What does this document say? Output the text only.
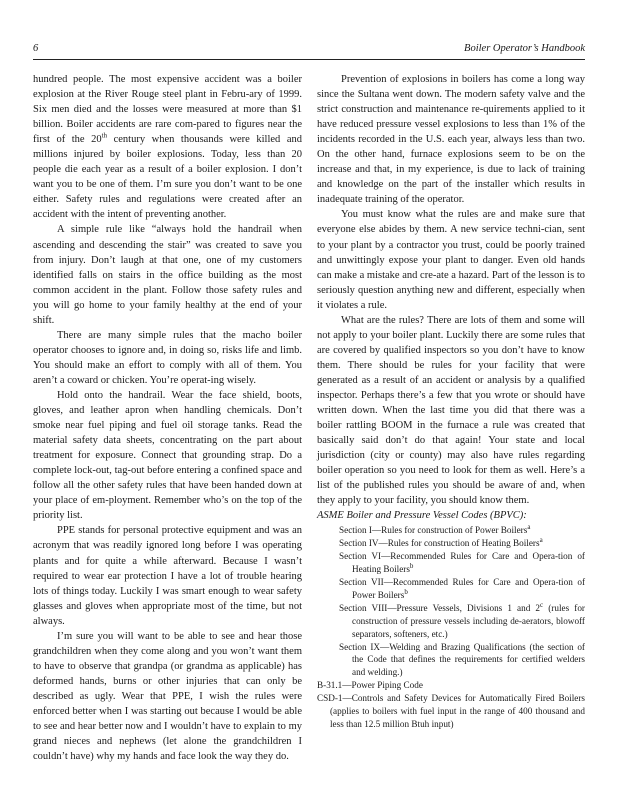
6	Boiler Operator’s Handbook

hundred people. The most expensive accident was a boiler explosion at the River Rouge steel plant in Febru-ary of 1999. Six men died and the losses were measured at more than $1 billion. Boiler accidents are rare com-pared to figures near the first of the 20th century when thousands were killed and millions injured by boiler explosions. Today, less than 20 people die each year as a result of a boiler explosion. I don’t want you to be one of them. I’m sure you don’t want to be one either. Safety rules and regulations were created after an accident with the intent of preventing another.

A simple rule like “always hold the handrail when ascending and descending the stair” was created to save you from injury. Don’t laugh at that one, one of my customers identified falls on stairs in the office building as the most common accident in the plant. Follow those safety rules and you will go home to your family healthy at the end of your shift.

There are many simple rules that the macho boiler operator chooses to ignore and, in doing so, risks life and limb. You should make an effort to comply with all of them. You aren’t a coward or chicken. You’re operat-ing wisely.

Hold onto the handrail. Wear the face shield, boots, gloves, and leather apron when handling chemicals. Don’t smoke near fuel piping and fuel oil storage tanks. Read the material safety data sheets, concentrating on the part about treatment for exposure. Connect that grounding strap. Do a complete lock-out, tag-out before entering a confined space and follow all the other safety rules that have been handed down at your place of em-ployment. Remember who’s on the top of the priority list.

PPE stands for personal protective equipment and was an acronym that was readily ignored long before I was operating plants and for quite a while afterward. Because I wasn’t required to wear ear protection I have a lot of trouble hearing lots of things today. Luckily I was smart enough to wear safety glasses and gloves when appropriate most of the time, but not always.

I’m sure you will want to be able to see and hear those grandchildren when they come along and you won’t want them to have to observe that grandpa (or grandma as applicable) has deformed hands, burns or other injuries that can only be described as ugly. Wear that PPE, I wish the rules were enforced better when I was starting out because I would be able to see and hear better now and I wouldn’t have to explain to my grand nieces and nephews (let alone the grandchildren I couldn’t have) why my hands and face look the way they do.

Prevention of explosions in boilers has come a long way since the Sultana went down. The modern safety valve and the strict construction and maintenance re-quirements applied to it have reduced pressure vessel explosions to less than 1% of the incidents recorded in the U.S. each year, always less than two. On the other hand, furnace explosions seem to be on the increase and that, in my experience, is due to lack of training and knowledge on the part of the installer which results in inadequate training of the operator.

You must know what the rules are and make sure that everyone else abides by them. A new service techni-cian, sent to your plant by a contractor you trust, could be poorly trained and unwittingly expose your plant to danger. Even old hands can make a mistake and cre-ate a hazard. Part of the lesson is to seriously question anything new and different, especially when it violates a rule.

What are the rules? There are lots of them and some will not apply to your boiler plant. Luckily there are some rules that are covered by qualified inspectors so you don’t have to know them. There should be rules for your facility that were generated as a result of an accident or analysis by a qualified inspector. Perhaps there’s a few that you wrote or should have written down. When the last time you did that there was a boiler rattling BOOM in the furnace a rule was created that basically said don’t do that again! Your state and local jurisdiction (city or county) may also have rules regarding boiler operation so you need to look for them as well. Here’s a list of the published rules you should be aware of and, when they apply to your facility, you should know them.

ASME Boiler and Pressure Vessel Codes (BPVC):

Section I—Rules for construction of Power Boilers$^a$
Section IV—Rules for construction of Heating Boilers$^a$
Section VI—Recommended Rules for Care and Opera-tion of Heating Boilers$^b$
Section VII—Recommended Rules for Care and Opera-tion of Power Boilers$^b$
Section VIII—Pressure Vessels, Divisions 1 and 2$^c$ (rules for construction of pressure vessels including de-aerators, blowoff separators, softeners, etc.)
Section IX—Welding and Brazing Qualifications (the section of the Code that defines the requirements for certified welders and welding.)
B-31.1—Power Piping Code
CSD-1—Controls and Safety Devices for Automatically Fired Boilers (applies to boilers with fuel input in the range of 400 thousand and less than 12.5 million Btuh input)
